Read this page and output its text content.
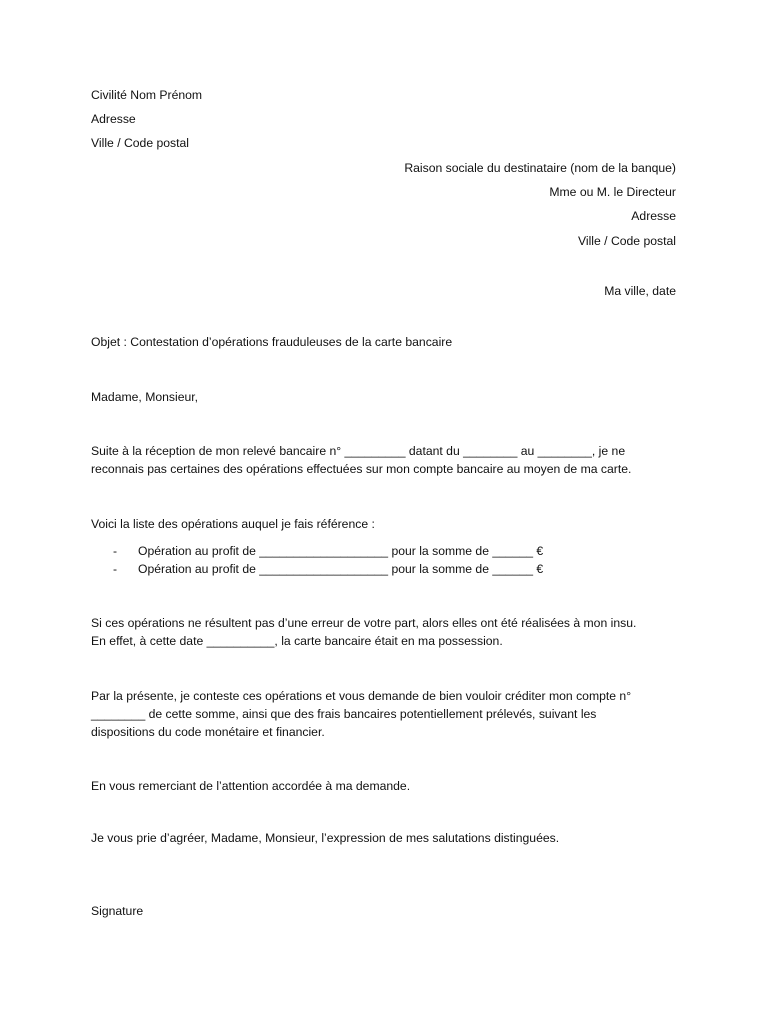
Civilité Nom Prénom
Adresse
Ville / Code postal
Raison sociale du destinataire (nom de la banque)
Mme ou M. le Directeur
Adresse
Ville / Code postal
Ma ville, date
Objet : Contestation d’opérations frauduleuses de la carte bancaire
Madame, Monsieur,
Suite à la réception de mon relevé bancaire n° _________ datant du ________ au ________, je ne
reconnais pas certaines des opérations effectuées sur mon compte bancaire au moyen de ma carte.
Voici la liste des opérations auquel je fais référence :
- Opération au profit de ___________________ pour la somme de ______ €
- Opération au profit de ___________________ pour la somme de ______ €
Si ces opérations ne résultent pas d’une erreur de votre part, alors elles ont été réalisées à mon insu.
En effet, à cette date __________, la carte bancaire était en ma possession.
Par la présente, je conteste ces opérations et vous demande de bien vouloir créditer mon compte n°
________ de cette somme, ainsi que des frais bancaires potentiellement prélevés, suivant les
dispositions du code monétaire et financier.
En vous remerciant de l’attention accordée à ma demande.
Je vous prie d’agréer, Madame, Monsieur, l’expression de mes salutations distinguées.
Signature
